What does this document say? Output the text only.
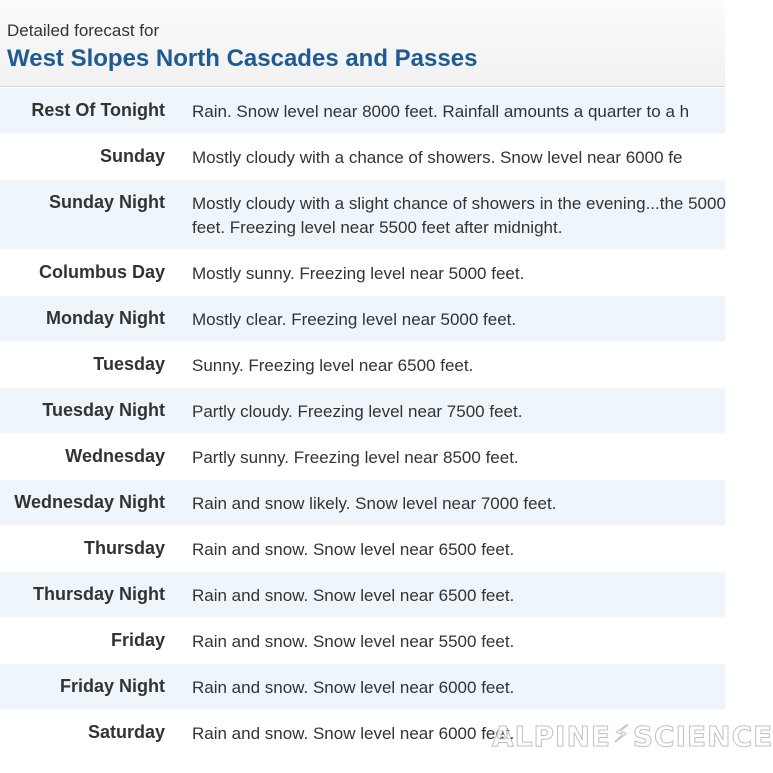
Detailed forecast for
West Slopes North Cascades and Passes
Rest Of Tonight Rain. Snow level near 8000 feet. Rainfall amounts a quarter to a h
Sunday Mostly cloudy with a chance of showers. Snow level near 6000 fe
Sunday Night Mostly cloudy with a slight chance of showers in the evening...the 5000 feet. Freezing level near 5500 feet after midnight.
Columbus Day Mostly sunny. Freezing level near 5000 feet.
Monday Night Mostly clear. Freezing level near 5000 feet.
Tuesday Sunny. Freezing level near 6500 feet.
Tuesday Night Partly cloudy. Freezing level near 7500 feet.
Wednesday Partly sunny. Freezing level near 8500 feet.
Wednesday Night Rain and snow likely. Snow level near 7000 feet.
Thursday Rain and snow. Snow level near 6500 feet.
Thursday Night Rain and snow. Snow level near 6500 feet.
Friday Rain and snow. Snow level near 5500 feet.
Friday Night Rain and snow. Snow level near 6000 feet.
Saturday Rain and snow. Snow level near 6000 feet.
ALPINE⚡SCIENCE
